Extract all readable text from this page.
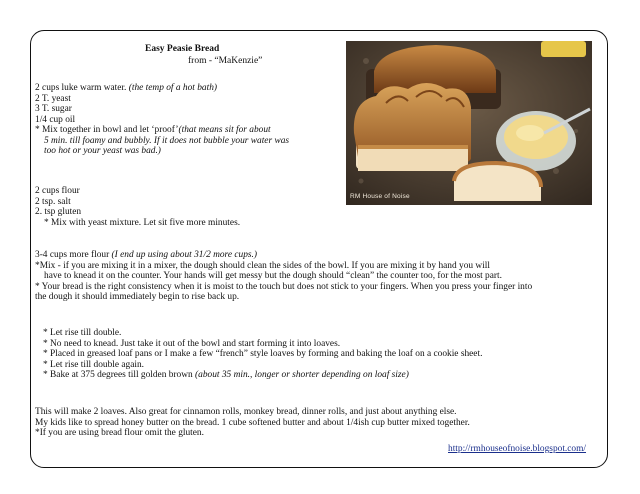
Easy Peasie Bread
from - “MaKenzie”
RM House of Noise
2 cups luke warm water. (the temp of a hot bath)
2 T. yeast
3 T. sugar
1/4 cup oil
* Mix together in bowl and let ‘proof’(that means sit for about
5 min. till foamy and bubbly. If it does not bubble your water was
too hot or your yeast was bad.)
2 cups flour
2 tsp. salt
2. tsp gluten
* Mix with yeast mixture. Let sit five more minutes.
3-4 cups more flour (I end up using about 31/2 more cups.)
*Mix - if you are mixing it in a mixer, the dough should clean the sides of the bowl. If you are mixing it by hand you will
have to knead it on the counter. Your hands will get messy but the dough should “clean” the counter too, for the most part.
* Your bread is the right consistency when it is moist to the touch but does not stick to your fingers. When you press your finger into
the dough it should immediately begin to rise back up.
* Let rise till double.
* No need to knead. Just take it out of the bowl and start forming it into loaves.
* Placed in greased loaf pans or I make a few “french” style loaves by forming and baking the loaf on a cookie sheet.
* Let rise till double again.
* Bake at 375 degrees till golden brown (about 35 min., longer or shorter depending on loaf size)
This will make 2 loaves. Also great for cinnamon rolls, monkey bread, dinner rolls, and just about anything else.
My kids like to spread honey butter on the bread. 1 cube softened butter and about 1/4ish cup butter mixed together.
*If you are using bread flour omit the gluten.
http://rmhouseofnoise.blogspot.com/
